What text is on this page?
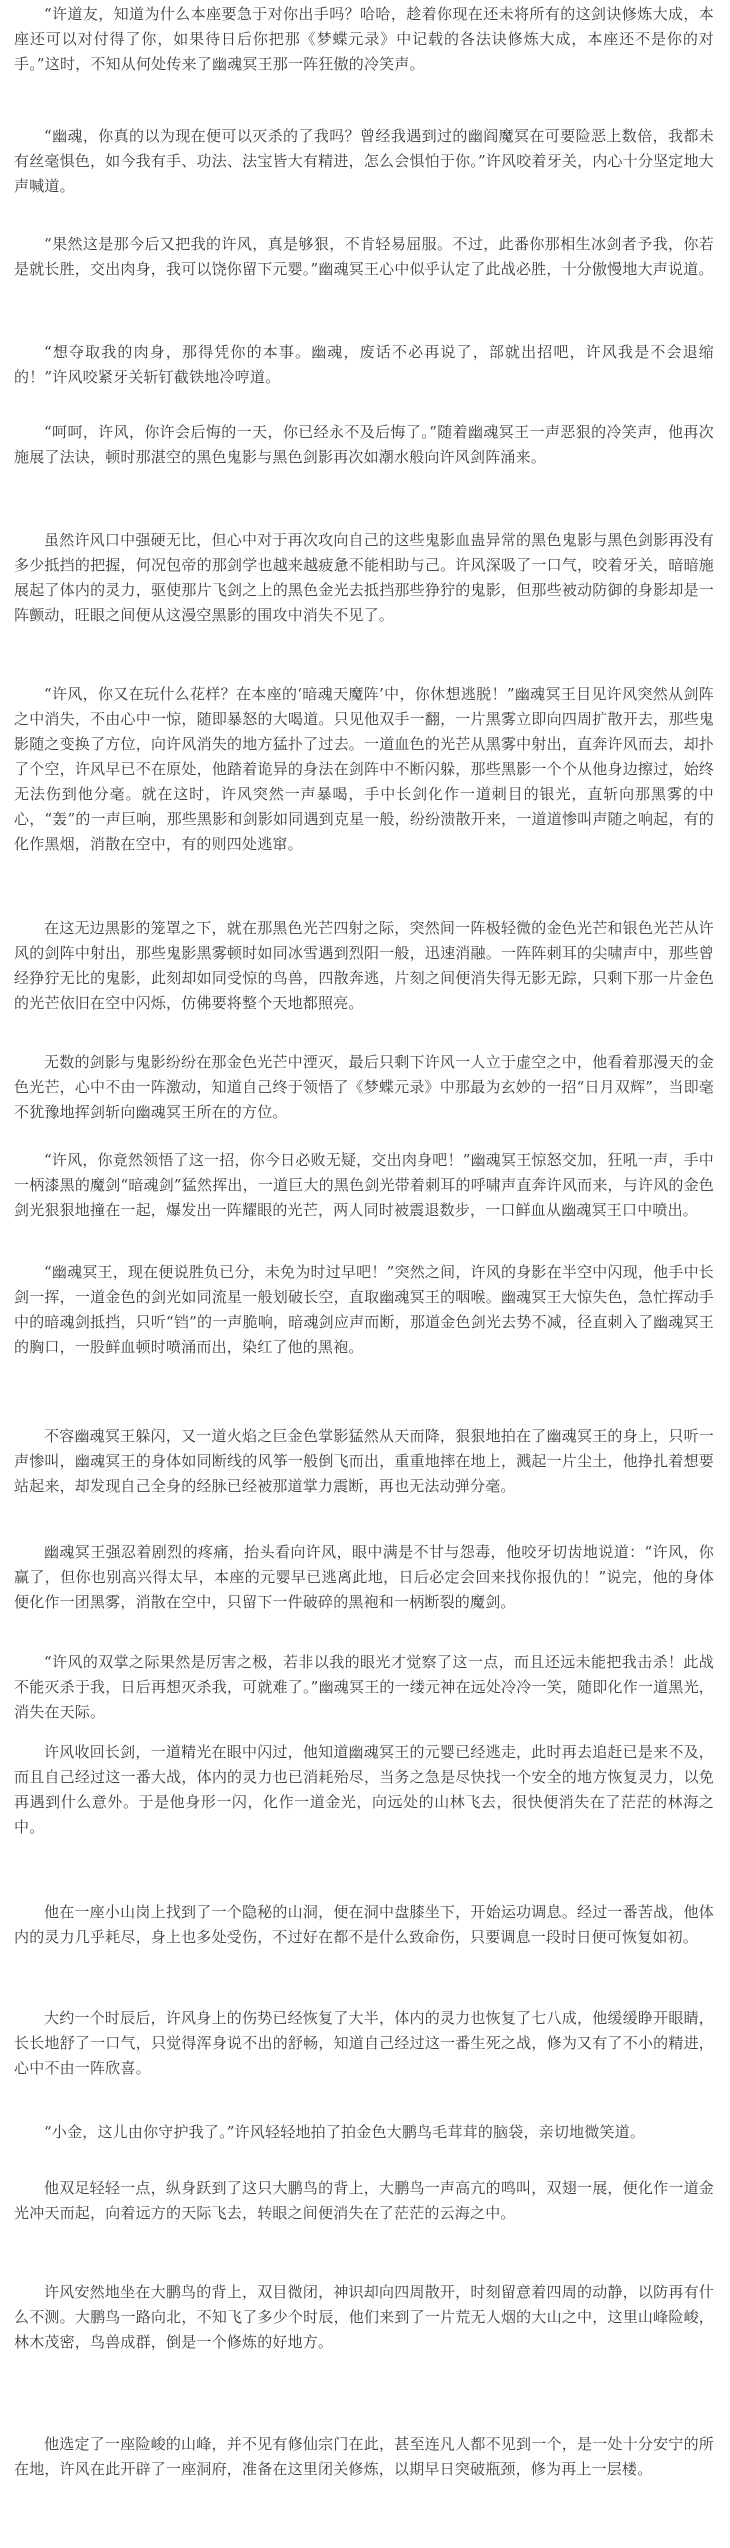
“许道友，知道为什么本座要急于对你出手吗？哈哈，趁着你现在还未将所有的这剑诀修炼大成，本座还可以对付得了你，如果待日后你把那《梦蝶元录》中记载的各法诀修炼大成，本座还不是你的对手。”这时，不知从何处传来了幽魂冥王那一阵狂傲的冷笑声。

“幽魂，你真的以为现在便可以灭杀的了我吗？曾经我遇到过的幽阎魔冥在可要险恶上数倍，我都未有丝毫惧色，如今我有手、功法、法宝皆大有精进，怎么会惧怕于你。”许风咬着牙关，内心十分坚定地大声喊道。

“果然这是那今后又把我的许风，真是够狠，不肯轻易屈服。不过，此番你那相生冰剑者予我，你若是就长胜，交出肉身，我可以饶你留下元婴。”幽魂冥王心中似乎认定了此战必胜，十分傲慢地大声说道。

“想夺取我的肉身，那得凭你的本事。幽魂，废话不必再说了，部就出招吧，许风我是不会退缩的！”许风咬紧牙关斩钉截铁地冷哼道。

“呵呵，许风，你许会后悔的一天，你已经永不及后悔了。”随着幽魂冥王一声恶狠的冷笑声，他再次施展了法诀，顿时那湛空的黑色鬼影与黑色剑影再次如潮水般向许风剑阵涌来。

虽然许风口中强硬无比，但心中对于再次攻向自己的这些鬼影血蛊异常的黑色鬼影与黑色剑影再没有多少抵挡的把握，何况包帝的那剑学也越来越疲惫不能相助与己。许风深吸了一口气，咬着牙关，暗暗施展起了体内的灵力，驱使那片飞剑之上的黑色金光去抵挡那些狰狞的鬼影，但那些被动防御的身影却是一阵颤动，旺眼之间便从这漫空黑影的围攻中消失不见了。

“许风，你又在玩什么花样？在本座的‘暗魂天魔阵’中，你休想逃脱！”幽魂冥王目见许风突然从剑阵之中消失，不由心中一惊，随即暴怒的大喝道。只见他双手一翻，一片黑雾立即向四周扩散开去，那些鬼影随之变换了方位，向许风消失的地方猛扑了过去。一道血色的光芒从黑雾中射出，直奔许风而去，却扑了个空，许风早已不在原处，他踏着诡异的身法在剑阵中不断闪躲，那些黑影一个个从他身边擦过，始终无法伤到他分毫。就在这时，许风突然一声暴喝，手中长剑化作一道刺目的银光，直斩向那黑雾的中心，“轰”的一声巨响，那些黑影和剑影如同遇到克星一般，纷纷溃散开来，一道道惨叫声随之响起，有的化作黑烟，消散在空中，有的则四处逃窜。

在这无边黑影的笼罩之下，就在那黑色光芒四射之际，突然间一阵极轻微的金色光芒和银色光芒从许风的剑阵中射出，那些鬼影黑雾顿时如同冰雪遇到烈阳一般，迅速消融。一阵阵刺耳的尖啸声中，那些曾经狰狞无比的鬼影，此刻却如同受惊的鸟兽，四散奔逃，片刻之间便消失得无影无踪，只剩下那一片金色的光芒依旧在空中闪烁，仿佛要将整个天地都照亮。

无数的剑影与鬼影纷纷在那金色光芒中湮灭，最后只剩下许风一人立于虚空之中，他看着那漫天的金色光芒，心中不由一阵激动，知道自己终于领悟了《梦蝶元录》中那最为玄妙的一招“日月双辉”，当即毫不犹豫地挥剑斩向幽魂冥王所在的方位。

“许风，你竟然领悟了这一招，你今日必败无疑，交出肉身吧！”幽魂冥王惊怒交加，狂吼一声，手中一柄漆黑的魔剑“暗魂剑”猛然挥出，一道巨大的黑色剑光带着刺耳的呼啸声直奔许风而来，与许风的金色剑光狠狠地撞在一起，爆发出一阵耀眼的光芒，两人同时被震退数步，一口鲜血从幽魂冥王口中喷出。

“幽魂冥王，现在便说胜负已分，未免为时过早吧！”突然之间，许风的身影在半空中闪现，他手中长剑一挥，一道金色的剑光如同流星一般划破长空，直取幽魂冥王的咽喉。幽魂冥王大惊失色，急忙挥动手中的暗魂剑抵挡，只听“铛”的一声脆响，暗魂剑应声而断，那道金色剑光去势不减，径直刺入了幽魂冥王的胸口，一股鲜血顿时喷涌而出，染红了他的黑袍。

不容幽魂冥王躲闪，又一道火焰之巨金色掌影猛然从天而降，狠狠地拍在了幽魂冥王的身上，只听一声惨叫，幽魂冥王的身体如同断线的风筝一般倒飞而出，重重地摔在地上，溅起一片尘土，他挣扎着想要站起来，却发现自己全身的经脉已经被那道掌力震断，再也无法动弹分毫。

幽魂冥王强忍着剧烈的疼痛，抬头看向许风，眼中满是不甘与怨毒，他咬牙切齿地说道：“许风，你赢了，但你也别高兴得太早，本座的元婴早已逃离此地，日后必定会回来找你报仇的！”说完，他的身体便化作一团黑雾，消散在空中，只留下一件破碎的黑袍和一柄断裂的魔剑。

“许风的双掌之际果然是厉害之极，若非以我的眼光才觉察了这一点，而且还远未能把我击杀！此战不能灭杀于我，日后再想灭杀我，可就难了。”幽魂冥王的一缕元神在远处冷冷一笑，随即化作一道黑光，消失在天际。

许风收回长剑，一道精光在眼中闪过，他知道幽魂冥王的元婴已经逃走，此时再去追赶已是来不及，而且自己经过这一番大战，体内的灵力也已消耗殆尽，当务之急是尽快找一个安全的地方恢复灵力，以免再遇到什么意外。于是他身形一闪，化作一道金光，向远处的山林飞去，很快便消失在了茫茫的林海之中。

他在一座小山岗上找到了一个隐秘的山洞，便在洞中盘膝坐下，开始运功调息。经过一番苦战，他体内的灵力几乎耗尽，身上也多处受伤，不过好在都不是什么致命伤，只要调息一段时日便可恢复如初。

大约一个时辰后，许风身上的伤势已经恢复了大半，体内的灵力也恢复了七八成，他缓缓睁开眼睛，长长地舒了一口气，只觉得浑身说不出的舒畅，知道自己经过这一番生死之战，修为又有了不小的精进，心中不由一阵欣喜。

“小金，这儿由你守护我了。”许风轻轻地拍了拍金色大鹏鸟毛茸茸的脑袋，亲切地微笑道。

他双足轻轻一点，纵身跃到了这只大鹏鸟的背上，大鹏鸟一声高亢的鸣叫，双翅一展，便化作一道金光冲天而起，向着远方的天际飞去，转眼之间便消失在了茫茫的云海之中。

许风安然地坐在大鹏鸟的背上，双目微闭，神识却向四周散开，时刻留意着四周的动静，以防再有什么不测。大鹏鸟一路向北，不知飞了多少个时辰，他们来到了一片荒无人烟的大山之中，这里山峰险峻，林木茂密，鸟兽成群，倒是一个修炼的好地方。

他选定了一座险峻的山峰，并不见有修仙宗门在此，甚至连凡人都不见到一个，是一处十分安宁的所在地，许风在此开辟了一座洞府，准备在这里闭关修炼，以期早日突破瓶颈，修为再上一层楼。
